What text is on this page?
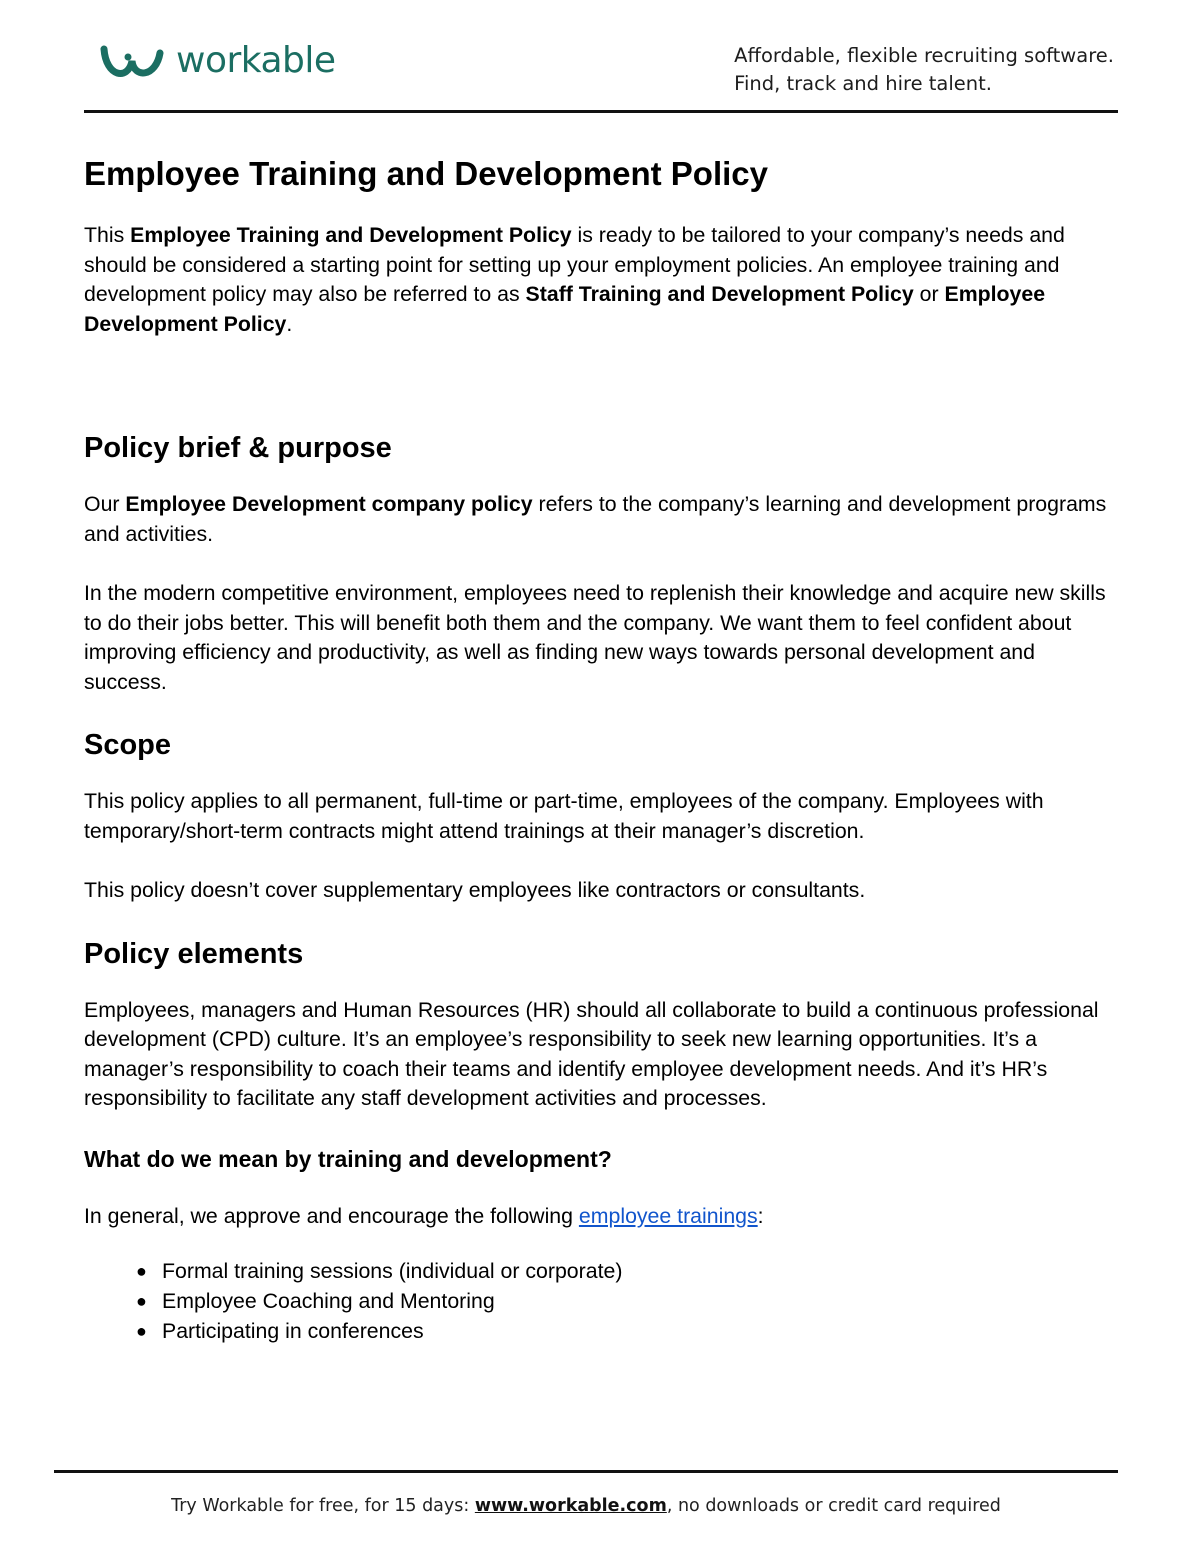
workable	Affordable, flexible recruiting software.
Find, track and hire talent.
Employee Training and Development Policy

This Employee Training and Development Policy is ready to be tailored to your company’s needs and should be considered a starting point for setting up your employment policies. An employee training and development policy may also be referred to as Staff Training and Development Policy or Employee Development Policy.

Policy brief & purpose

Our Employee Development company policy refers to the company’s learning and development programs and activities.

In the modern competitive environment, employees need to replenish their knowledge and acquire new skills to do their jobs better. This will benefit both them and the company. We want them to feel confident about improving efficiency and productivity, as well as finding new ways towards personal development and success.

Scope

This policy applies to all permanent, full-time or part-time, employees of the company. Employees with temporary/short-term contracts might attend trainings at their manager’s discretion.

This policy doesn’t cover supplementary employees like contractors or consultants.

Policy elements

Employees, managers and Human Resources (HR) should all collaborate to build a continuous professional development (CPD) culture. It’s an employee’s responsibility to seek new learning opportunities. It’s a manager’s responsibility to coach their teams and identify employee development needs. And it’s HR’s responsibility to facilitate any staff development activities and processes.

What do we mean by training and development?

In general, we approve and encourage the following employee trainings:

● Formal training sessions (individual or corporate)
● Employee Coaching and Mentoring
● Participating in conferences
Try Workable for free, for 15 days: www.workable.com, no downloads or credit card required
